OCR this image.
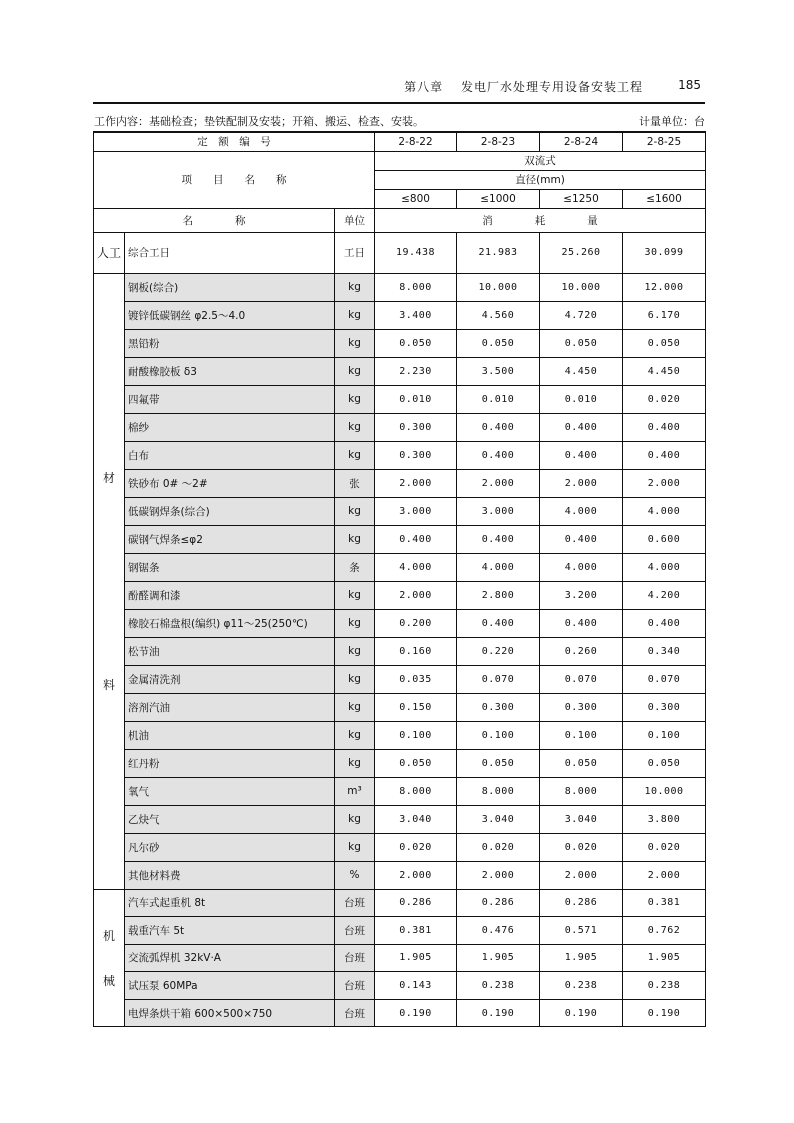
第八章　 发电厂水处理专用设备安装工程	185
工作内容：基础检查；垫铁配制及安装；开箱、搬运、检查、安装。	计量单位：台
定　额　编　号			2-8-22	2-8-23	2-8-24	2-8-25
项　　目　　名　　称			双流式			
			直径(mm)			
			≤800	≤1000	≤1250	≤1600
名　　　　称		单位	消　　　　耗　　　　量			

人工	综合工日	工日	19.438	21.983	25.260	30.099

材
料	钢板(综合)	kg	8.000	10.000	10.000	12.000
	镀锌低碳钢丝 φ2.5～4.0	kg	3.400	4.560	4.720	6.170
	黑铅粉	kg	0.050	0.050	0.050	0.050
	耐酸橡胶板 δ3	kg	2.230	3.500	4.450	4.450
	四氟带	kg	0.010	0.010	0.010	0.020
	棉纱	kg	0.300	0.400	0.400	0.400
	白布	kg	0.300	0.400	0.400	0.400
	铁砂布 0# ～2#	张	2.000	2.000	2.000	2.000
	低碳钢焊条(综合)	kg	3.000	3.000	4.000	4.000
	碳钢气焊条≤φ2	kg	0.400	0.400	0.400	0.600
	钢锯条	条	4.000	4.000	4.000	4.000
	酚醛调和漆	kg	2.000	2.800	3.200	4.200
	橡胶石棉盘根(编织) φ11～25(250℃)	kg	0.200	0.400	0.400	0.400
	松节油	kg	0.160	0.220	0.260	0.340
	金属清洗剂	kg	0.035	0.070	0.070	0.070
	溶剂汽油	kg	0.150	0.300	0.300	0.300
	机油	kg	0.100	0.100	0.100	0.100
	红丹粉	kg	0.050	0.050	0.050	0.050
	氧气	m³	8.000	8.000	8.000	10.000
	乙炔气	kg	3.040	3.040	3.040	3.800
	凡尔砂	kg	0.020	0.020	0.020	0.020
	其他材料费	%	2.000	2.000	2.000	2.000

机
械	汽车式起重机 8t	台班	0.286	0.286	0.286	0.381
	载重汽车 5t	台班	0.381	0.476	0.571	0.762
	交流弧焊机 32kV·A	台班	1.905	1.905	1.905	1.905
	试压泵 60MPa	台班	0.143	0.238	0.238	0.238
	电焊条烘干箱 600×500×750	台班	0.190	0.190	0.190	0.190
